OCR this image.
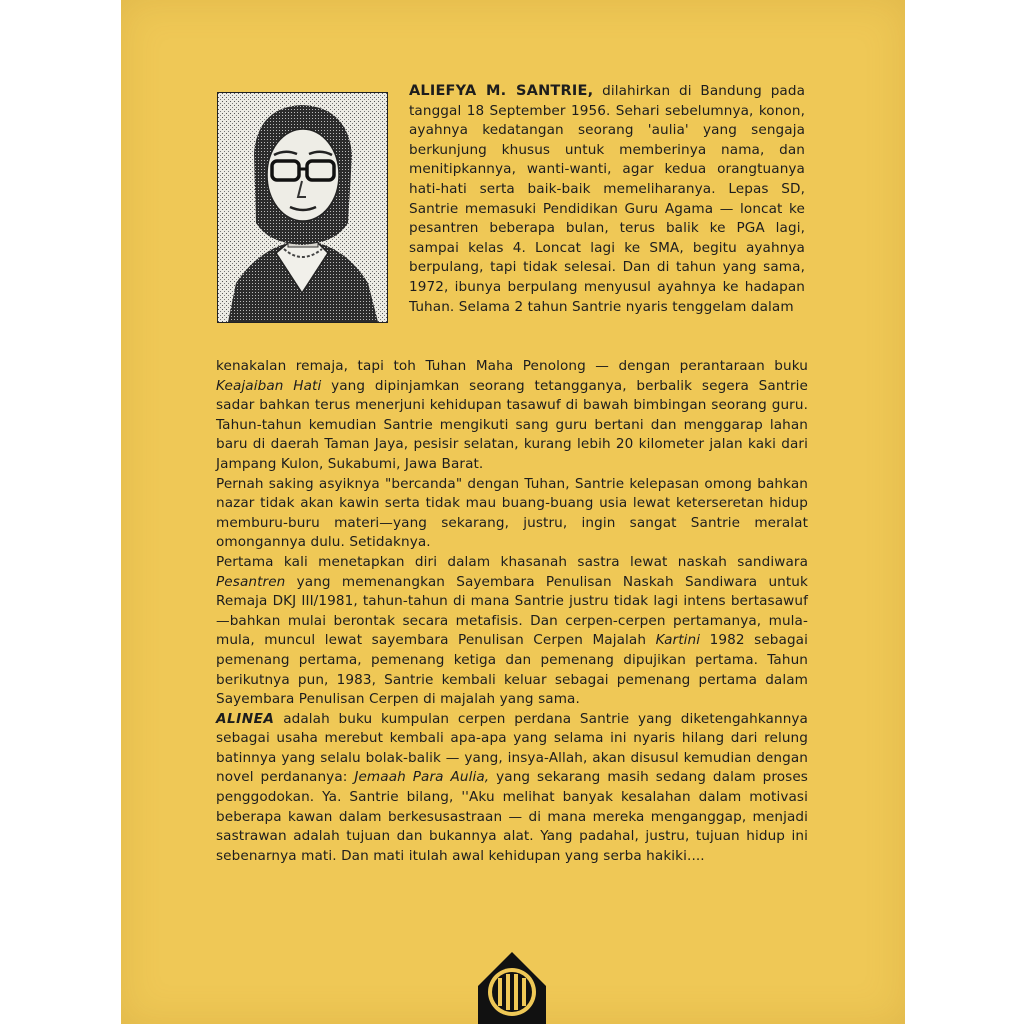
ALIEFYA M. SANTRIE, dilahirkan di Bandung pada tanggal 18 September 1956. Sehari sebelumnya, konon, ayahnya kedatangan seorang 'aulia' yang sengaja berkunjung khusus untuk memberinya nama, dan menitipkannya, wanti-wanti, agar kedua orangtuanya hati-hati serta baik-baik memeliharanya. Lepas SD, Santrie memasuki Pendidikan Guru Agama — loncat ke pesantren beberapa bulan, terus balik ke PGA lagi, sampai kelas 4. Loncat lagi ke SMA, begitu ayahnya berpulang, tapi tidak selesai. Dan di tahun yang sama, 1972, ibunya berpulang menyusul ayahnya ke hadapan Tuhan. Selama 2 tahun Santrie nyaris tenggelam dalam

kenakalan remaja, tapi toh Tuhan Maha Penolong — dengan perantaraan buku Keajaiban Hati yang dipinjamkan seorang tetangganya, berbalik segera Santrie sadar bahkan terus menerjuni kehidupan tasawuf di bawah bimbingan seorang guru. Tahun-tahun kemudian Santrie mengikuti sang guru bertani dan menggarap lahan baru di daerah Taman Jaya, pesisir selatan, kurang lebih 20 kilometer jalan kaki dari Jampang Kulon, Sukabumi, Jawa Barat.

Pernah saking asyiknya "bercanda" dengan Tuhan, Santrie kelepasan omong bahkan nazar tidak akan kawin serta tidak mau buang-buang usia lewat keterseretan hidup memburu-buru materi—yang sekarang, justru, ingin sangat Santrie meralat omongannya dulu. Setidaknya.

Pertama kali menetapkan diri dalam khasanah sastra lewat naskah sandiwara Pesantren yang memenangkan Sayembara Penulisan Naskah Sandiwara untuk Remaja DKJ III/1981, tahun-tahun di mana Santrie justru tidak lagi intens bertasawuf—bahkan mulai berontak secara metafisis. Dan cerpen-cerpen pertamanya, mula-mula, muncul lewat sayembara Penulisan Cerpen Majalah Kartini 1982 sebagai pemenang pertama, pemenang ketiga dan pemenang dipujikan pertama. Tahun berikutnya pun, 1983, Santrie kembali keluar sebagai pemenang pertama dalam Sayembara Penulisan Cerpen di majalah yang sama.

ALINEA adalah buku kumpulan cerpen perdana Santrie yang diketengahkannya sebagai usaha merebut kembali apa-apa yang selama ini nyaris hilang dari relung batinnya yang selalu bolak-balik — yang, insya-Allah, akan disusul kemudian dengan novel perdananya: Jemaah Para Aulia, yang sekarang masih sedang dalam proses penggodokan. Ya. Santrie bilang, ''Aku melihat banyak kesalahan dalam motivasi beberapa kawan dalam berkesusastraan — di mana mereka menganggap, menjadi sastrawan adalah tujuan dan bukannya alat. Yang padahal, justru, tujuan hidup ini sebenarnya mati. Dan mati itulah awal kehidupan yang serba hakiki....
